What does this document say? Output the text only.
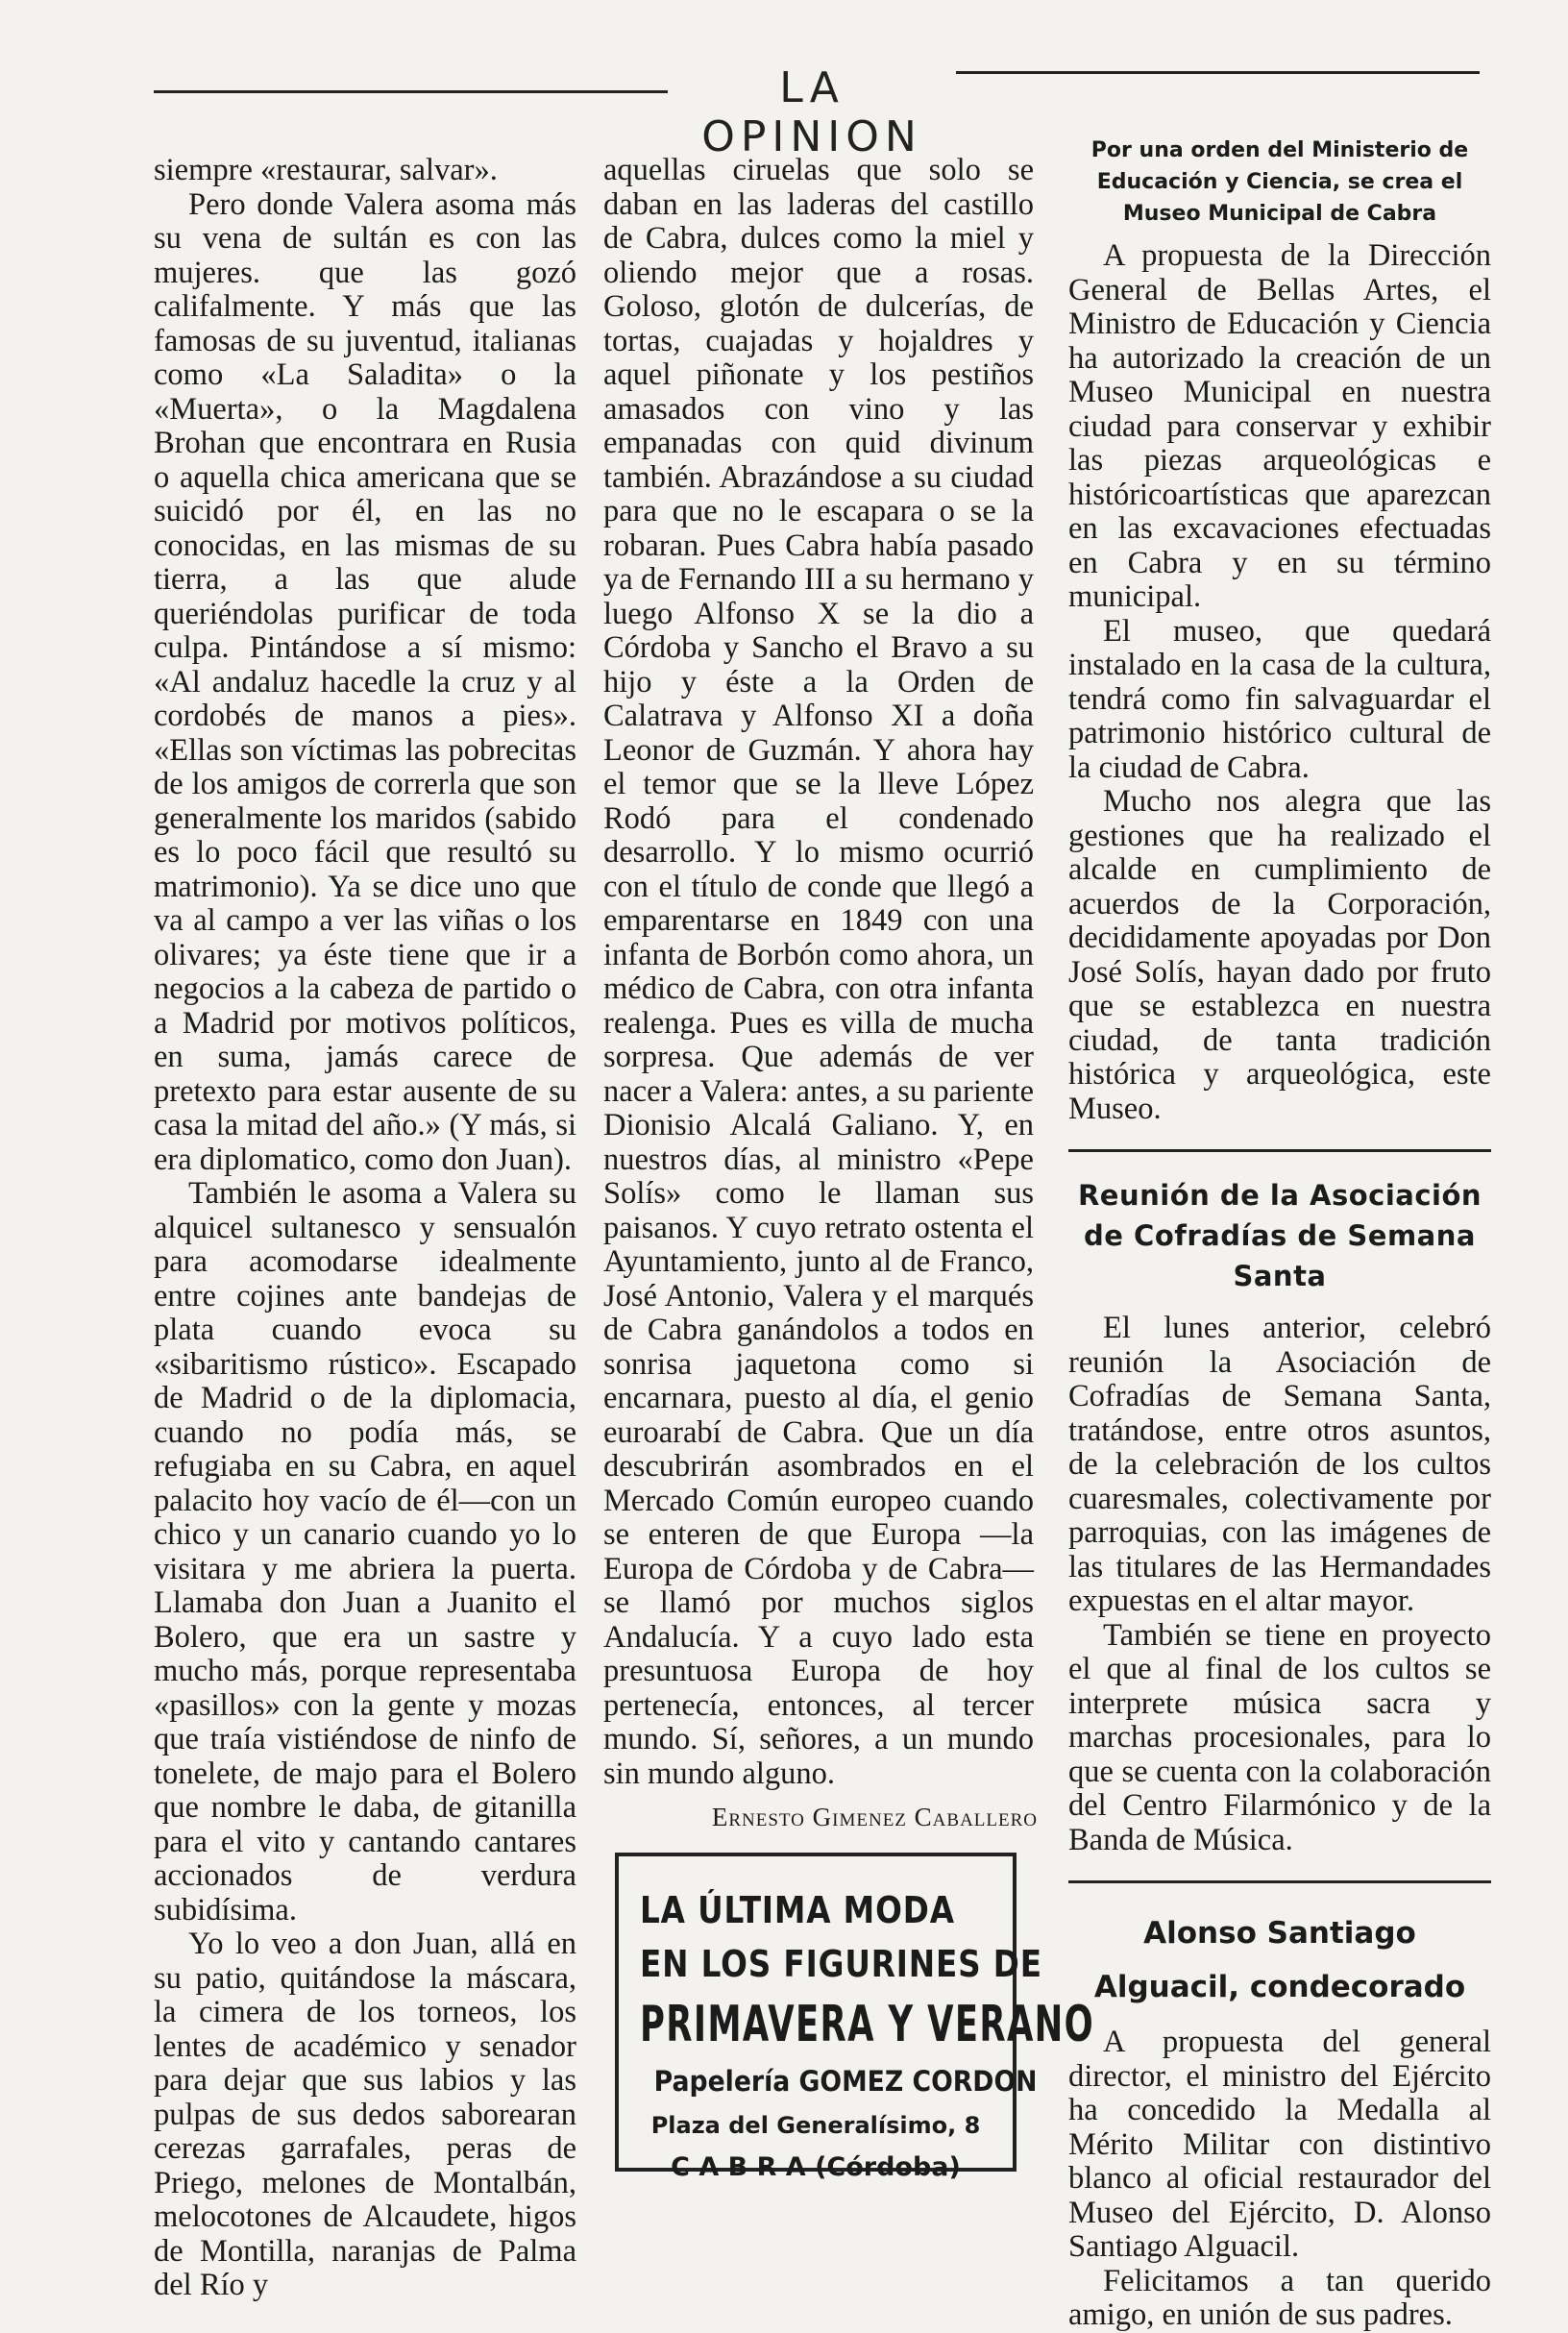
LA OPINION

siempre «restaurar, salvar».

Pero donde Valera asoma más su vena de sultán es con las mujeres. que las gozó califalmente. Y más que las famosas de su juventud, italianas como «La Saladita» o la «Muerta», o la Magdalena Brohan que encontrara en Rusia o aquella chica americana que se suicidó por él, en las no conocidas, en las mismas de su tierra, a las que alude queriéndolas purificar de toda culpa. Pintándose a sí mismo: «Al andaluz hacedle la cruz y al cordobés de manos a pies». «Ellas son víctimas las pobrecitas de los amigos de correrla que son generalmente los maridos (sabido es lo poco fácil que resultó su matrimonio). Ya se dice uno que va al campo a ver las viñas o los olivares; ya éste tiene que ir a negocios a la cabeza de partido o a Madrid por motivos políticos, en suma, jamás carece de pretexto para estar ausente de su casa la mitad del año.» (Y más, si era diplomatico, como don Juan).

También le asoma a Valera su alquicel sultanesco y sensualón para acomodarse idealmente entre cojines ante bandejas de plata cuando evoca su «sibaritismo rústico». Escapado de Madrid o de la diplomacia, cuando no podía más, se refugiaba en su Cabra, en aquel palacito hoy vacío de él—con un chico y un canario cuando yo lo visitara y me abriera la puerta. Llamaba don Juan a Juanito el Bolero, que era un sastre y mucho más, porque representaba «pasillos» con la gente y mozas que traía vistiéndose de ninfo de tonelete, de majo para el Bolero que nombre le daba, de gitanilla para el vito y cantando cantares accionados de verdura subidísima.

Yo lo veo a don Juan, allá en su patio, quitándose la máscara, la cimera de los torneos, los lentes de académico y senador para dejar que sus labios y las pulpas de sus dedos saborearan cerezas garrafales, peras de Priego, melones de Montalbán, melocotones de Alcaudete, higos de Montilla, naranjas de Palma del Río y

aquellas ciruelas que solo se daban en las laderas del castillo de Cabra, dulces como la miel y oliendo mejor que a rosas. Goloso, glotón de dulcerías, de tortas, cuajadas y hojaldres y aquel piñonate y los pestiños amasados con vino y las empanadas con quid divinum también. Abrazándose a su ciudad para que no le escapara o se la robaran. Pues Cabra había pasado ya de Fernando III a su hermano y luego Alfonso X se la dio a Córdoba y Sancho el Bravo a su hijo y éste a la Orden de Calatrava y Alfonso XI a doña Leonor de Guzmán. Y ahora hay el temor que se la lleve López Rodó para el condenado desarrollo. Y lo mismo ocurrió con el título de conde que llegó a emparentarse en 1849 con una infanta de Borbón como ahora, un médico de Cabra, con otra infanta realenga. Pues es villa de mucha sorpresa. Que además de ver nacer a Valera: antes, a su pariente Dionisio Alcalá Galiano. Y, en nuestros días, al ministro «Pepe Solís» como le llaman sus paisanos. Y cuyo retrato ostenta el Ayuntamiento, junto al de Franco, José Antonio, Valera y el marqués de Cabra ganándolos a todos en sonrisa jaquetona como si encarnara, puesto al día, el genio euroarabí de Cabra. Que un día descubrirán asombrados en el Mercado Común europeo cuando se enteren de que Europa —la Europa de Córdoba y de Cabra— se llamó por muchos siglos Andalucía. Y a cuyo lado esta presuntuosa Europa de hoy pertenecía, entonces, al tercer mundo. Sí, señores, a un mundo sin mundo alguno.

Ernesto Gimenez Caballero
LA ÚLTIMA MODA
EN LOS FIGURINES DE
PRIMAVERA Y VERANO
Papelería GOMEZ CORDON
Plaza del Generalísimo, 8
C A B R A (Córdoba)
Por una orden del Ministerio de Educación y Ciencia, se crea el Museo Municipal de Cabra

A propuesta de la Dirección General de Bellas Artes, el Ministro de Educación y Ciencia ha autorizado la creación de un Museo Municipal en nuestra ciudad para conservar y exhibir las piezas arqueológicas e históricoartísticas que aparezcan en las excavaciones efectuadas en Cabra y en su término municipal.

El museo, que quedará instalado en la casa de la cultura, tendrá como fin salvaguardar el patrimonio histórico cultural de la ciudad de Cabra.

Mucho nos alegra que las gestiones que ha realizado el alcalde en cumplimiento de acuerdos de la Corporación, decididamente apoyadas por Don José Solís, hayan dado por fruto que se establezca en nuestra ciudad, de tanta tradición histórica y arqueológica, este Museo.

Reunión de la Asociación de Cofradías de Semana Santa

El lunes anterior, celebró reunión la Asociación de Cofradías de Semana Santa, tratándose, entre otros asuntos, de la celebración de los cultos cuaresmales, colectivamente por parroquias, con las imágenes de las titulares de las Hermandades expuestas en el altar mayor.

También se tiene en proyecto el que al final de los cultos se interprete música sacra y marchas procesionales, para lo que se cuenta con la colaboración del Centro Filarmónico y de la Banda de Música.

Alonso Santiago Alguacil, condecorado

A propuesta del general director, el ministro del Ejército ha concedido la Medalla al Mérito Militar con distintivo blanco al oficial restaurador del Museo del Ejército, D. Alonso Santiago Alguacil.

Felicitamos a tan querido amigo, en unión de sus padres.
